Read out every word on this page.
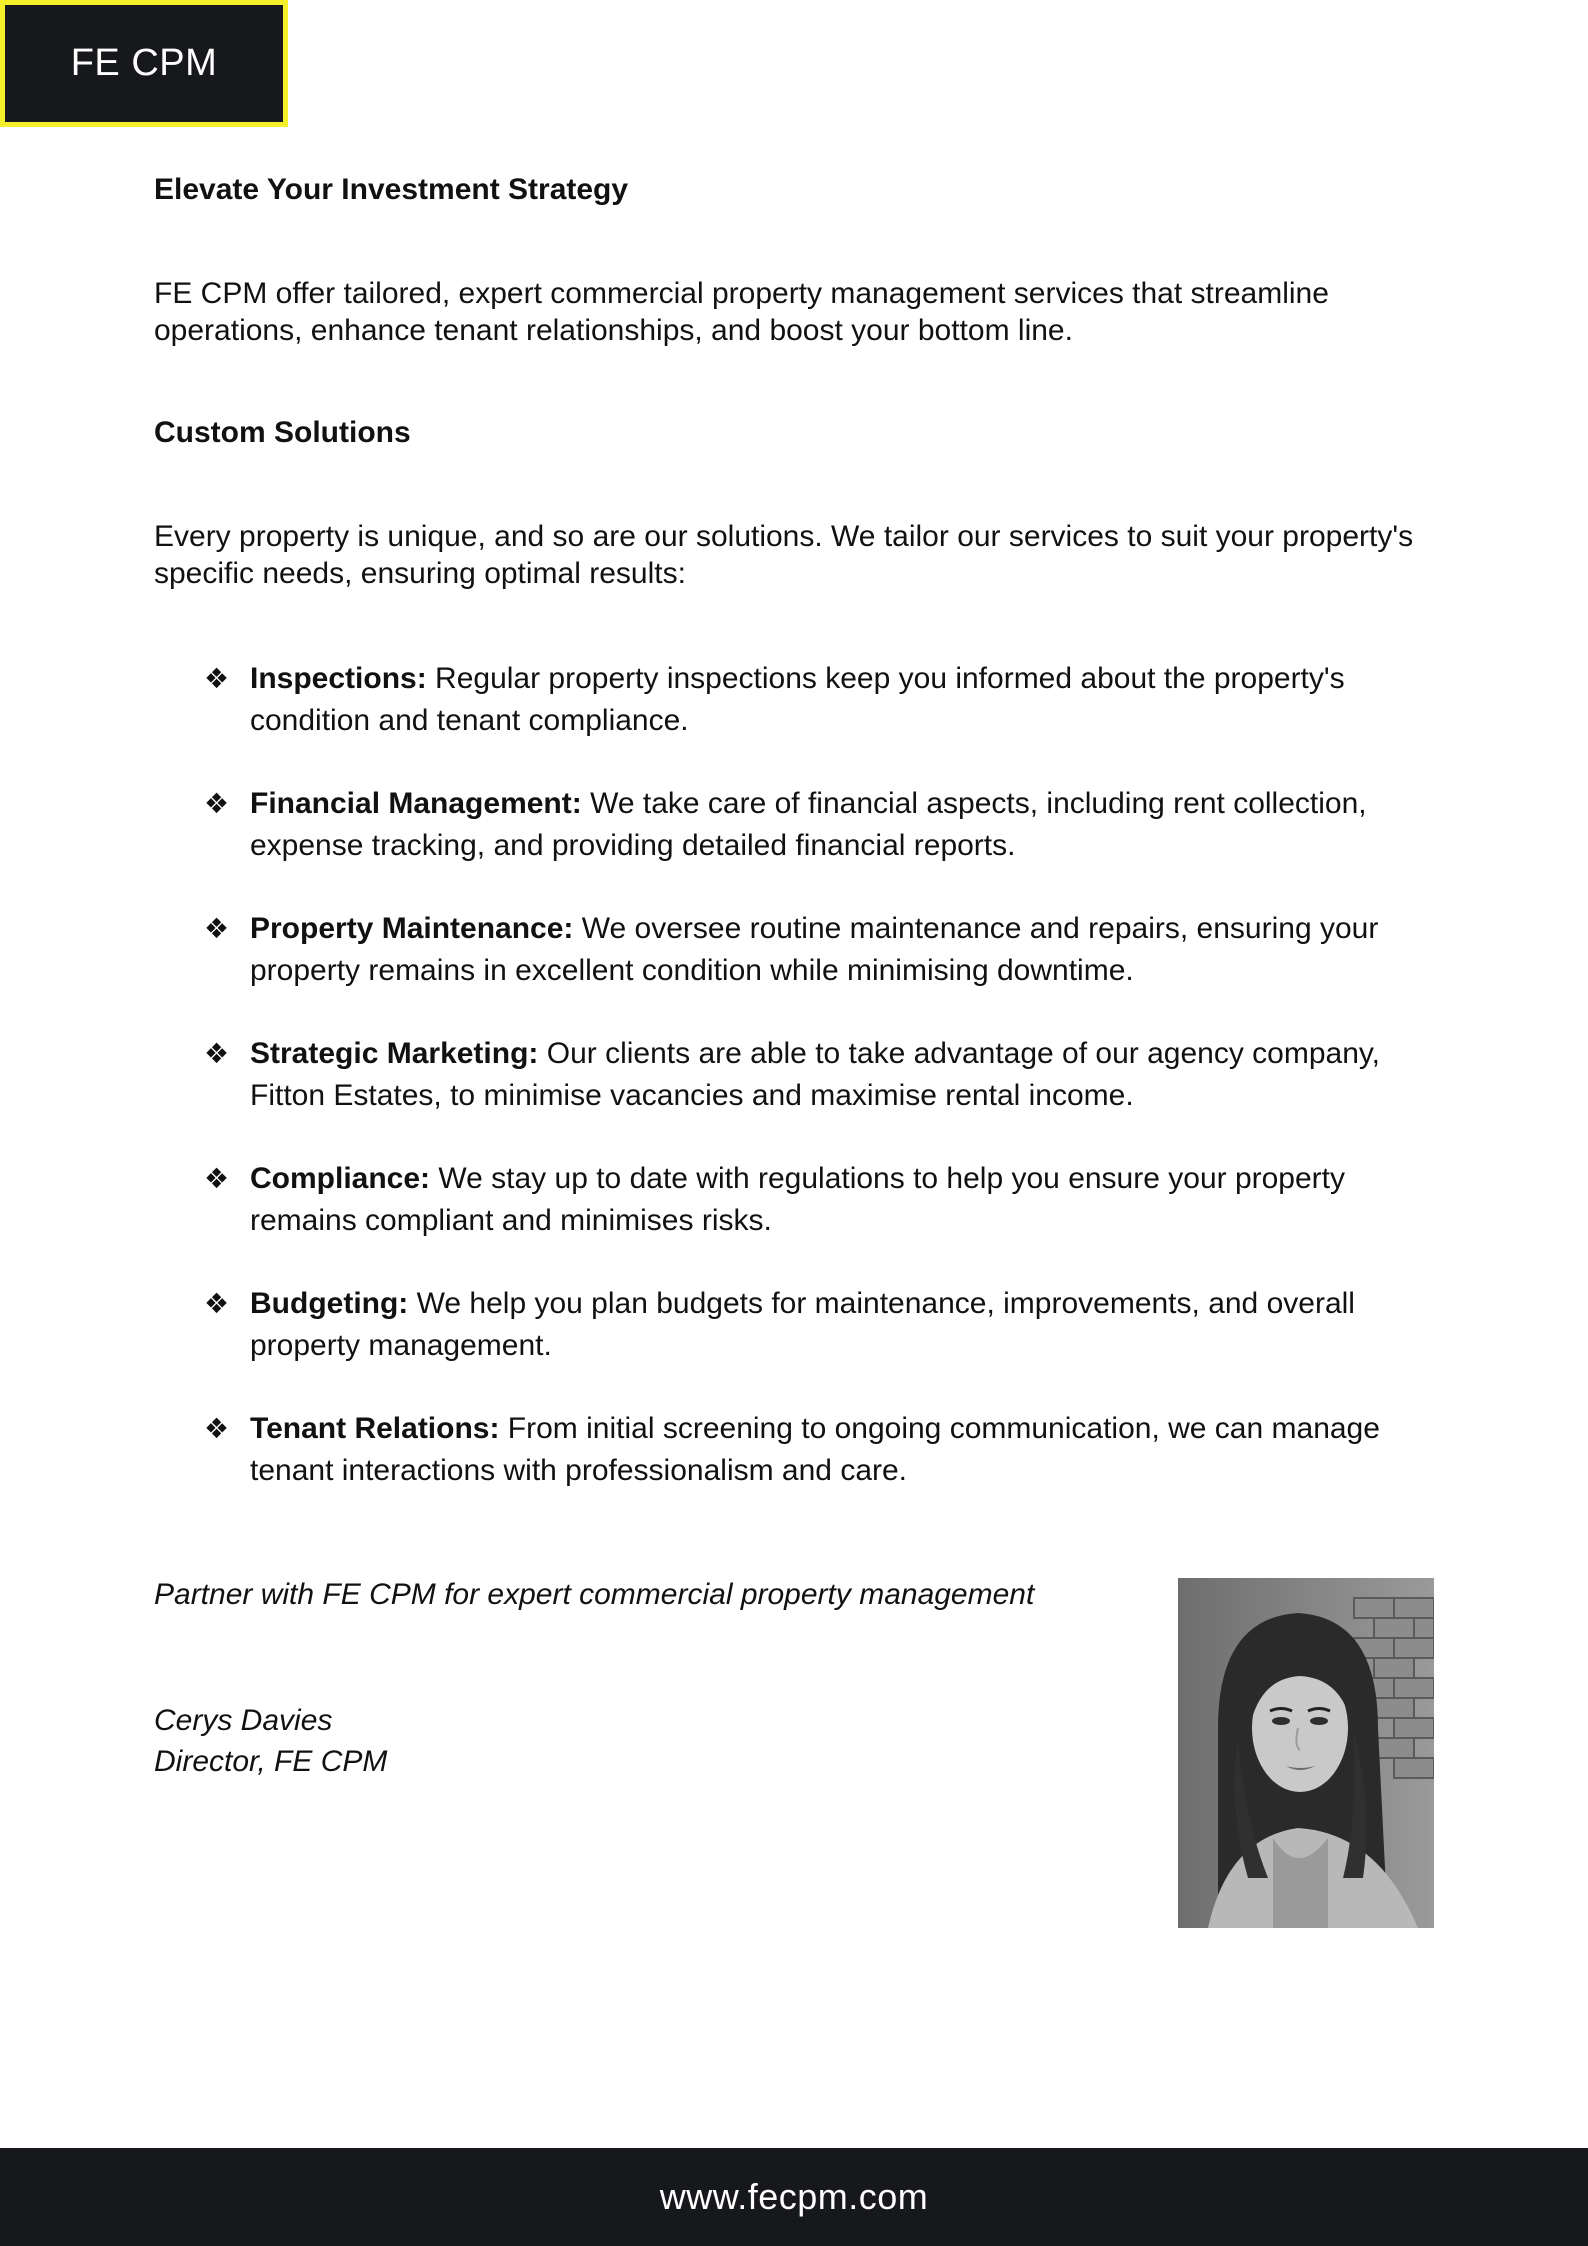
FE CPM
Elevate Your Investment Strategy
FE CPM offer tailored, expert commercial property management services that streamline operations, enhance tenant relationships, and boost your bottom line.
Custom Solutions
Every property is unique, and so are our solutions. We tailor our services to suit your property's specific needs, ensuring optimal results:
❖ Inspections: Regular property inspections keep you informed about the property's condition and tenant compliance.
❖ Financial Management: We take care of financial aspects, including rent collection, expense tracking, and providing detailed financial reports.
❖ Property Maintenance: We oversee routine maintenance and repairs, ensuring your property remains in excellent condition while minimising downtime.
❖ Strategic Marketing: Our clients are able to take advantage of our agency company, Fitton Estates, to minimise vacancies and maximise rental income.
❖ Compliance: We stay up to date with regulations to help you ensure your property remains compliant and minimises risks.
❖ Budgeting: We help you plan budgets for maintenance, improvements, and overall property management.
❖ Tenant Relations: From initial screening to ongoing communication, we can manage tenant interactions with professionalism and care.
Partner with FE CPM for expert commercial property management
Cerys Davies
Director, FE CPM
www.fecpm.com
